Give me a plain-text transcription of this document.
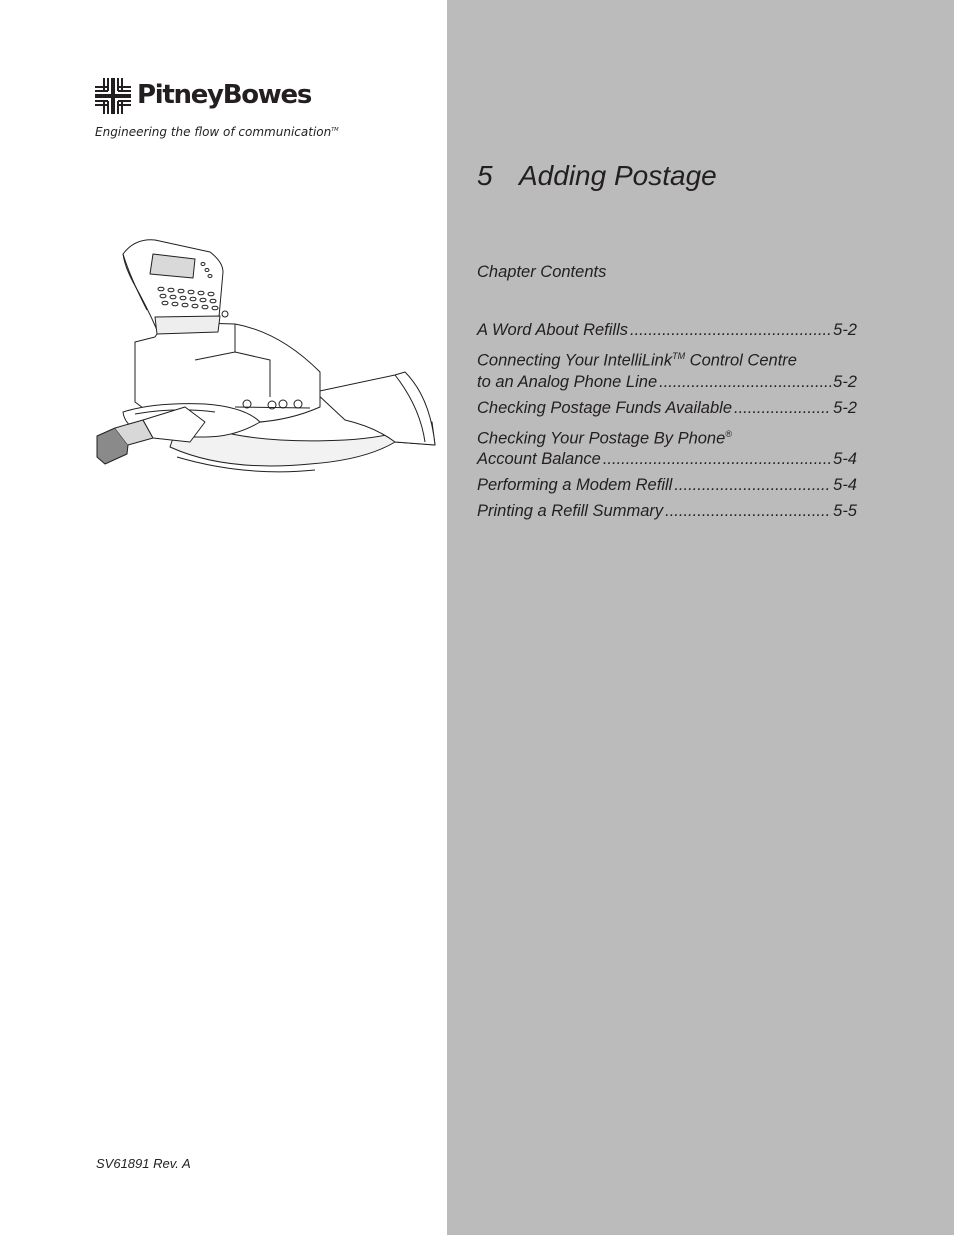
PitneyBowes
Engineering the flow of communication™
5 Adding Postage
Chapter Contents
A Word About Refills .....	5-2
Connecting Your IntelliLink™ Control Centre
to an Analog Phone Line .....	5-2
Checking Postage Funds Available .....	5-2
Checking Your Postage By Phone®
Account Balance .....	5-4
Performing a Modem Refill .....	5-4
Printing a Refill Summary .....	5-5
SV61891 Rev. A
